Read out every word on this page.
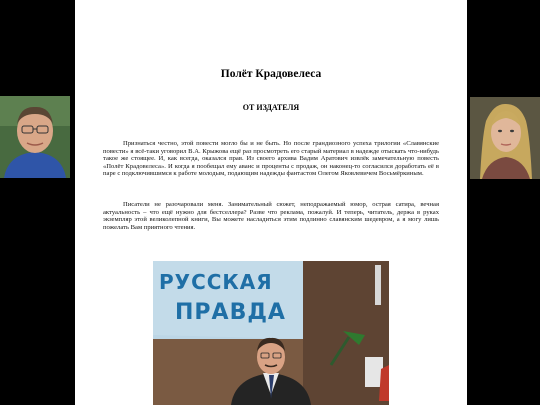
Полёт Крадовелеса
ОТ ИЗДАТЕЛЯ

Признаться честно, этой повести могло бы и не быть. Но после грандиозного успеха трилогии «Славянские повести» я всё-таки уговорил В.А. Крыжова ещё раз просмотреть его старый материал в надежде отыскать что-нибудь такое же стоящее. И, как всегда, оказался прав. Из своего архива Вадим Аратович извлёк замечательную повесть «Полёт Крадовелеса». И когда я пообещал ему аванс и проценты с продаж, он наконец-то согласился доработать её в паре с подключившимся к работе молодым, подающим надежды фантастом Олегом Яковлевичем Восьмёркиным.

Писатели не разочаровали меня. Занимательный сюжет, неподражаемый юмор, острая сатира, вечная актуальность – что ещё нужно для бестселлера? Разве что реклама, пожалуй. И теперь, читатель, держа в руках экземпляр этой великолепной книги, Вы можете насладиться этим подлинно славянским шедевром, а я могу лишь пожелать Вам приятного чтения.

РУССКАЯ
ПРАВДА
